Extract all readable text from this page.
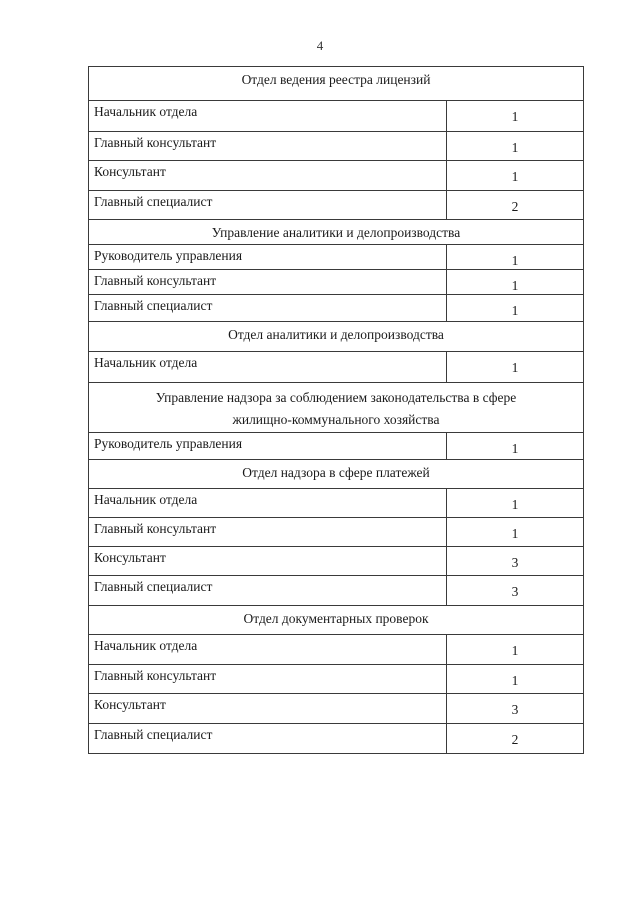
4
Отдел ведения реестра лицензий	
Начальник отдела	1
Главный консультант	1
Консультант	1
Главный специалист	2
Управление аналитики и делопроизводства	
Руководитель управления	1
Главный консультант	1
Главный специалист	1
Отдел аналитики и делопроизводства	
Начальник отдела	1
Управление надзора за соблюдением законодательства в сфере жилищно-коммунального хозяйства	
Руководитель управления	1
Отдел надзора в сфере платежей	
Начальник отдела	1
Главный консультант	1
Консультант	3
Главный специалист	3
Отдел документарных проверок	
Начальник отдела	1
Главный консультант	1
Консультант	3
Главный специалист	2
